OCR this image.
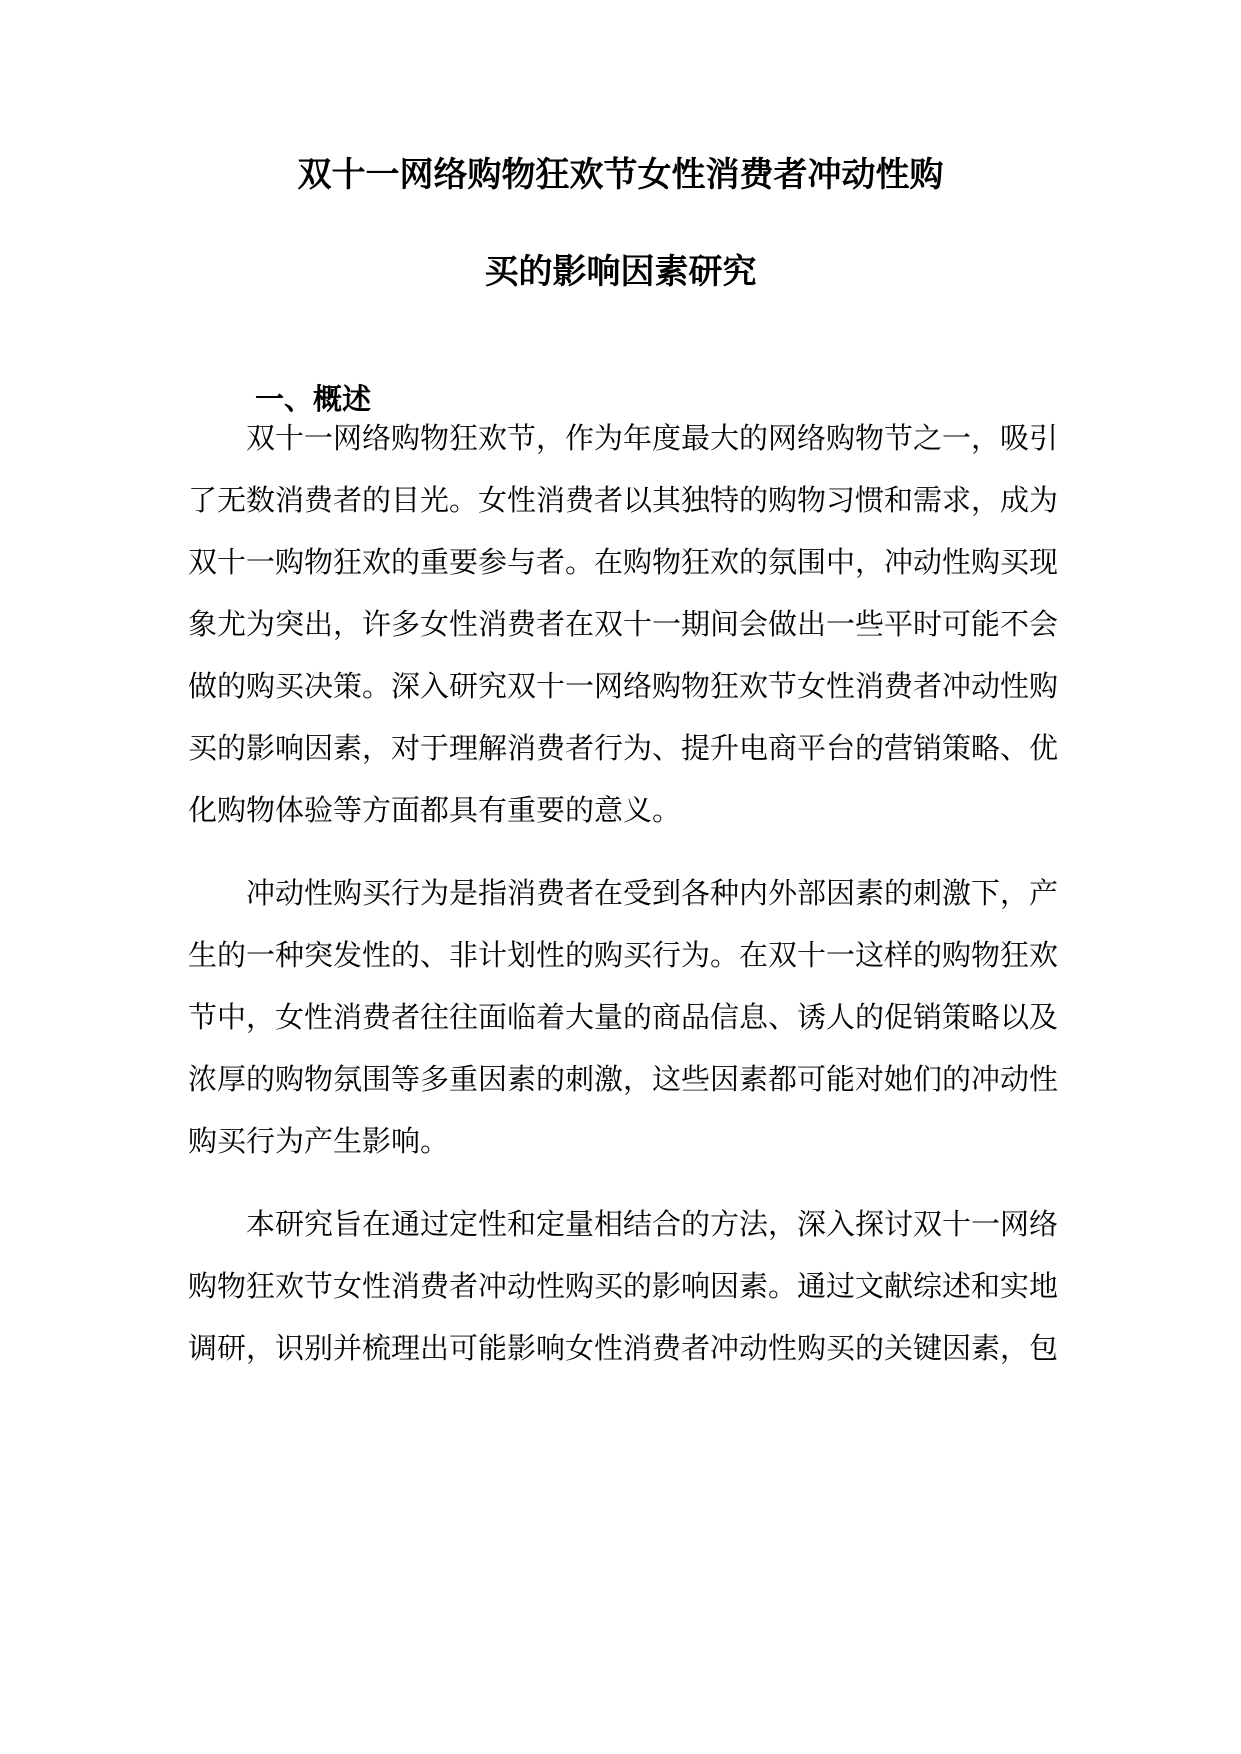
双十一网络购物狂欢节女性消费者冲动性购
买的影响因素研究
一、概述
双十一网络购物狂欢节，作为年度最大的网络购物节之一，吸引
了无数消费者的目光。女性消费者以其独特的购物习惯和需求，成为
双十一购物狂欢的重要参与者。在购物狂欢的氛围中，冲动性购买现
象尤为突出，许多女性消费者在双十一期间会做出一些平时可能不会
做的购买决策。深入研究双十一网络购物狂欢节女性消费者冲动性购
买的影响因素，对于理解消费者行为、提升电商平台的营销策略、优
化购物体验等方面都具有重要的意义。
冲动性购买行为是指消费者在受到各种内外部因素的刺激下，产
生的一种突发性的、非计划性的购买行为。在双十一这样的购物狂欢
节中，女性消费者往往面临着大量的商品信息、诱人的促销策略以及
浓厚的购物氛围等多重因素的刺激，这些因素都可能对她们的冲动性
购买行为产生影响。
本研究旨在通过定性和定量相结合的方法，深入探讨双十一网络
购物狂欢节女性消费者冲动性购买的影响因素。通过文献综述和实地
调研，识别并梳理出可能影响女性消费者冲动性购买的关键因素，包
